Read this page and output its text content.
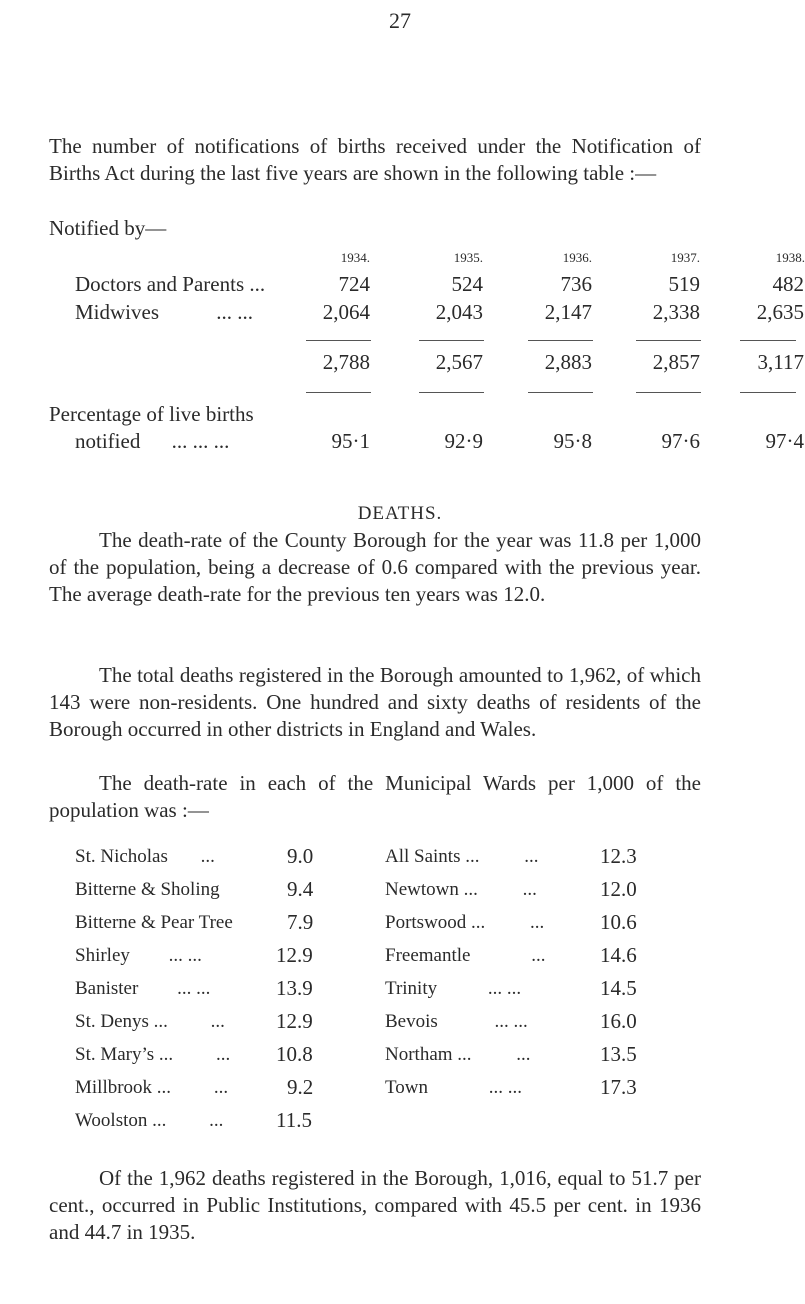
27
The number of notifications of births received under the Notification of Births Act during the last five years are shown in the following table :—
Notified by—
1934.	1935.	1936.	1937.	1938.
Doctors and Parents ...	724	524	736	519	482
Midwives	... ...	2,064	2,043	2,147	2,338	2,635
2,788	2,567	2,883	2,857	3,117
Percentage of live births
notified ... ... ...	95·1	92·9	95·8	97·6	97·4
DEATHS.
The death-rate of the County Borough for the year was 11.8 per 1,000 of the population, being a decrease of 0.6 compared with the previous year. The average death-rate for the previous ten years was 12.0.
The total deaths registered in the Borough amounted to 1,962, of which 143 were non-residents. One hundred and sixty deaths of residents of the Borough occurred in other districts in England and Wales.
The death-rate in each of the Municipal Wards per 1,000 of the population was :—
St. Nicholas ...	9.0
Bitterne & Sholing	9.4
Bitterne & Pear Tree	7.9
Shirley ... ...	12.9
Banister ... ...	13.9
St. Denys ... ... 12.9
St. Mary’s ... ... 10.8
Millbrook ... ...	9.2
Woolston ... ...	11.5
All Saints ... ...	12.3
Newtown ... ...	12.0
Portswood ... ...	10.6
Freemantle	...	14.6
Trinity	... ...	14.5
Bevois	... ...	16.0
Northam ... ...	13.5
Town	... ...	17.3
Of the 1,962 deaths registered in the Borough, 1,016, equal to 51.7 per cent., occurred in Public Institutions, compared with 45.5 per cent. in 1936 and 44.7 in 1935.
